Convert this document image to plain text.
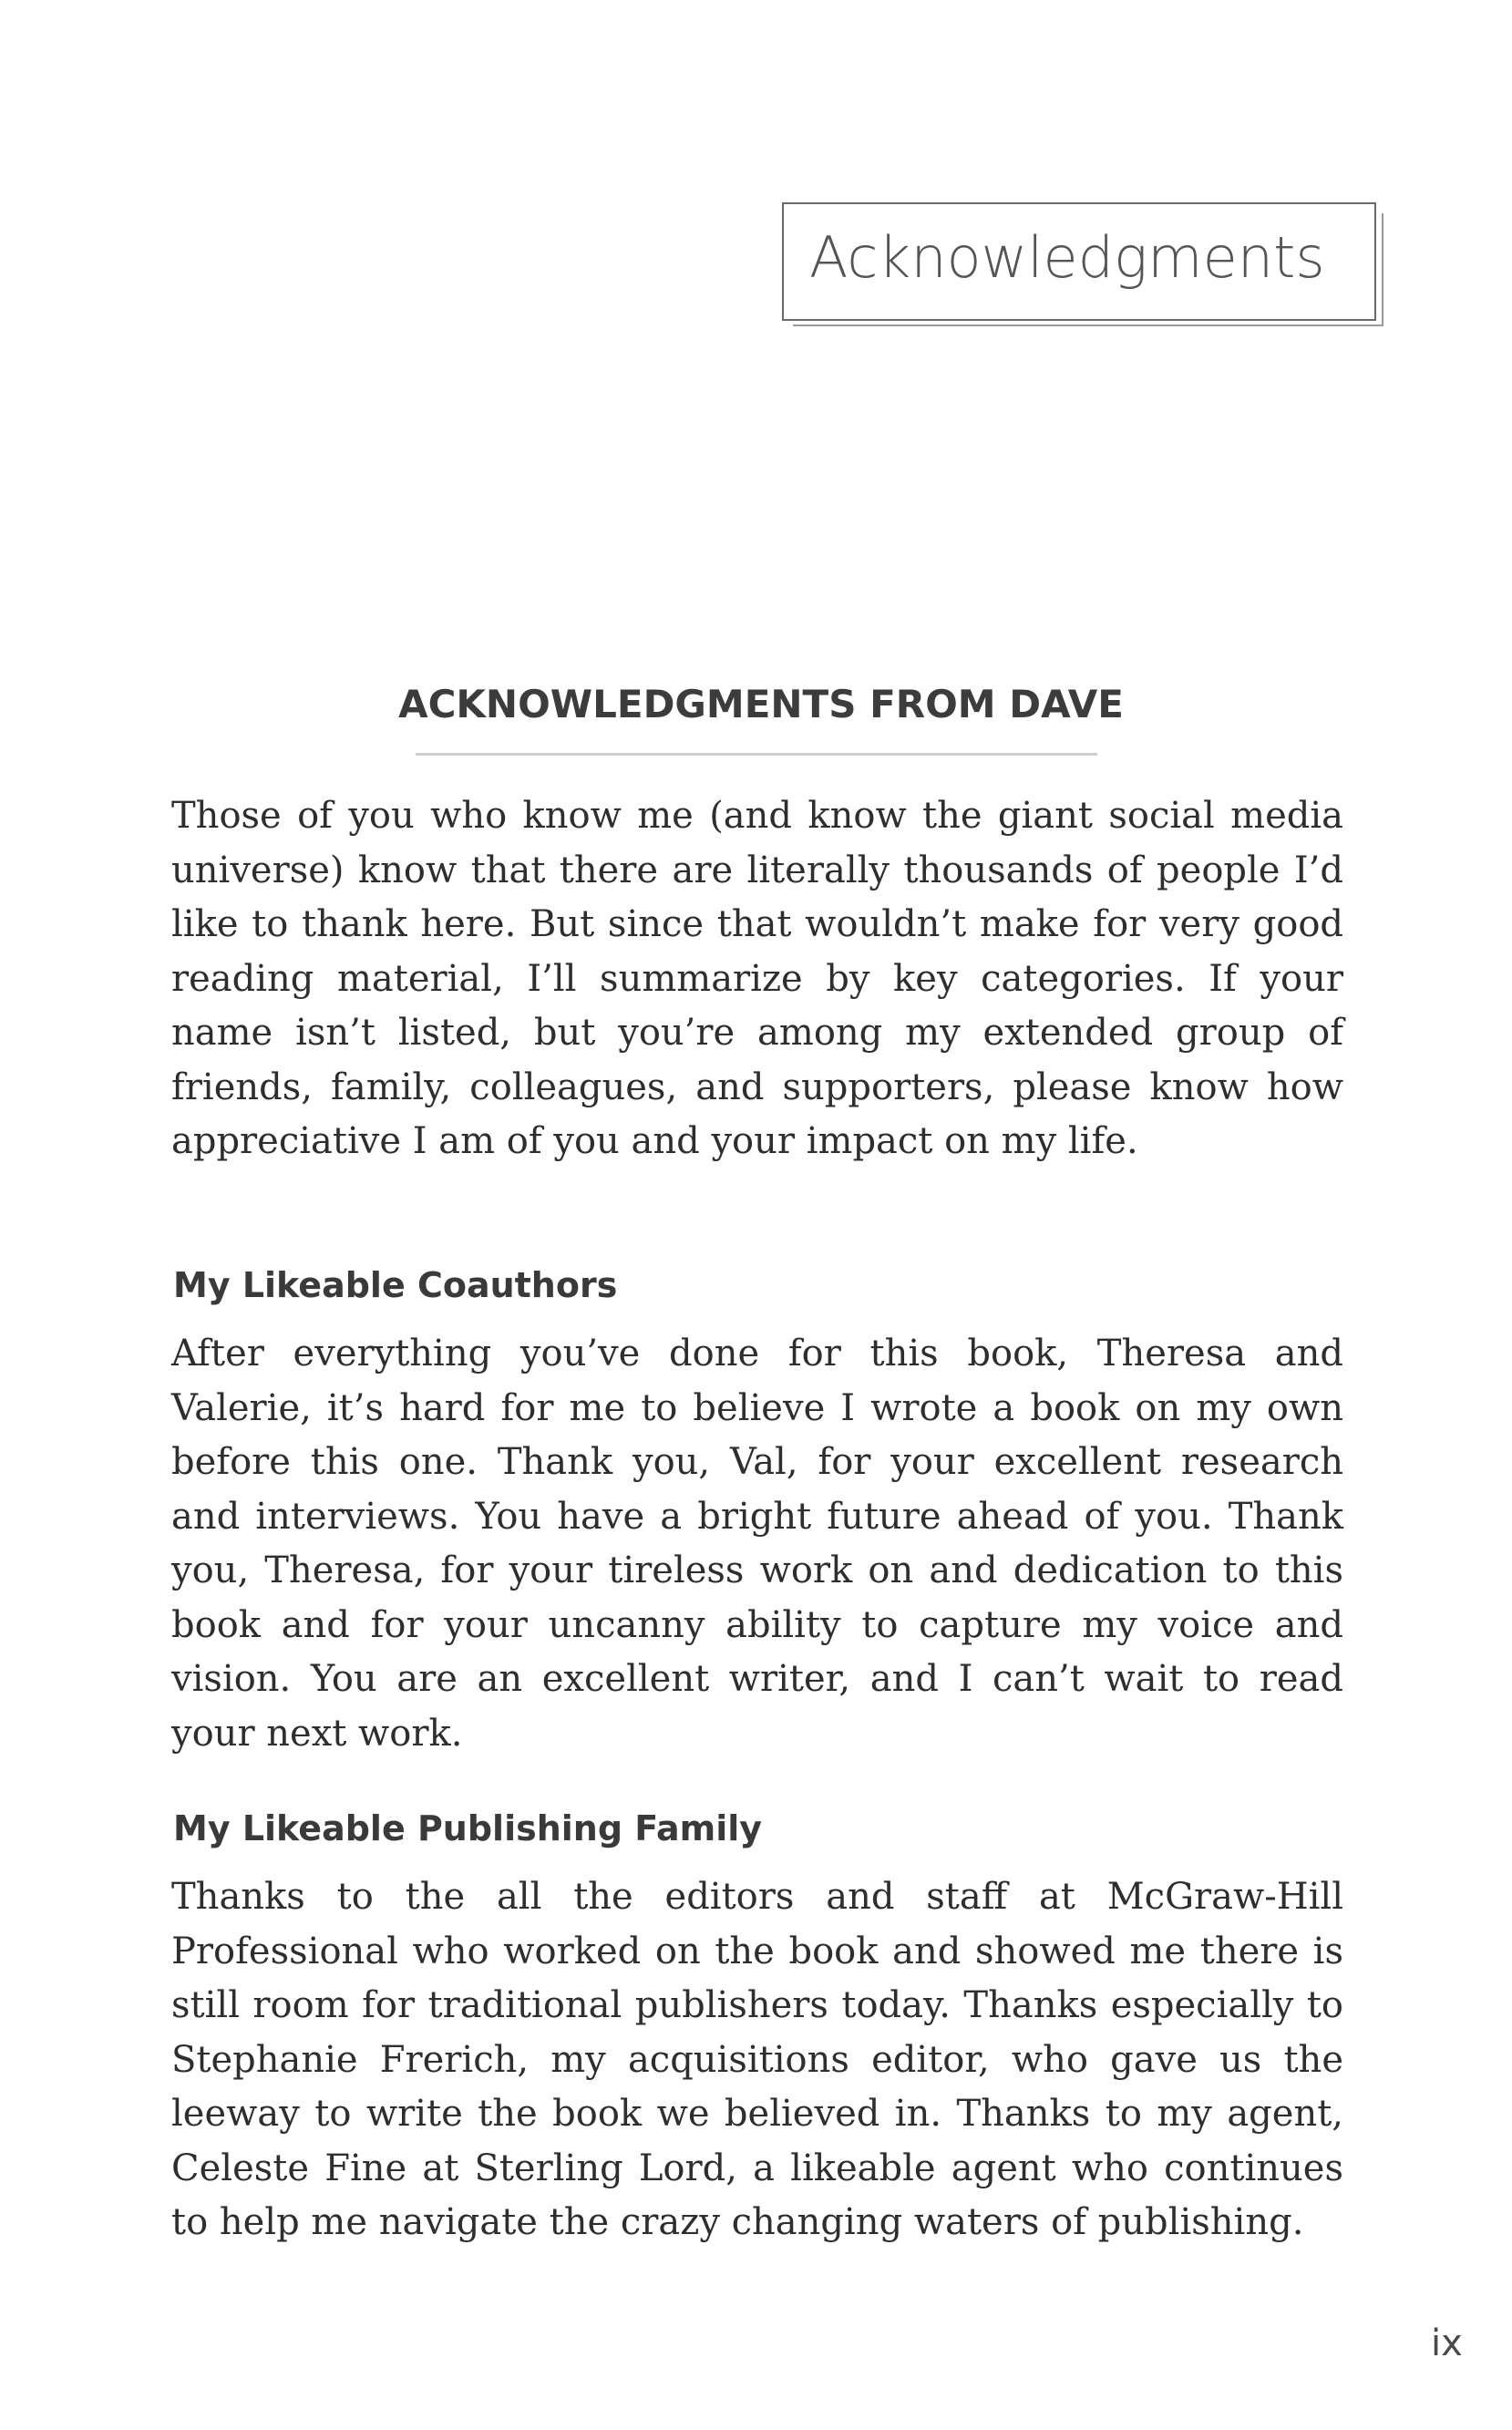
Acknowledgments
ACKNOWLEDGMENTS FROM DAVE

Those of you who know me (and know the giant social media universe) know that there are literally thousands of people I’d like to thank here. But since that wouldn’t make for very good reading material, I’ll summarize by key categories. If your name isn’t listed, but you’re among my extended group of friends, family, colleagues, and supporters, please know how appreciative I am of you and your impact on my life.

My Likeable Coauthors

After everything you’ve done for this book, Theresa and Valerie, it’s hard for me to believe I wrote a book on my own before this one. Thank you, Val, for your excellent research and interviews. You have a bright future ahead of you. Thank you, Theresa, for your tireless work on and dedication to this book and for your uncanny ability to capture my voice and vision. You are an excellent writer, and I can’t wait to read your next work.

My Likeable Publishing Family

Thanks to the all the editors and staff at McGraw-Hill Professional who worked on the book and showed me there is still room for traditional publishers today. Thanks especially to Stephanie Frerich, my acquisitions editor, who gave us the leeway to write the book we believed in. Thanks to my agent, Celeste Fine at Sterling Lord, a likeable agent who continues to help me navigate the crazy changing waters of publishing.

ix
